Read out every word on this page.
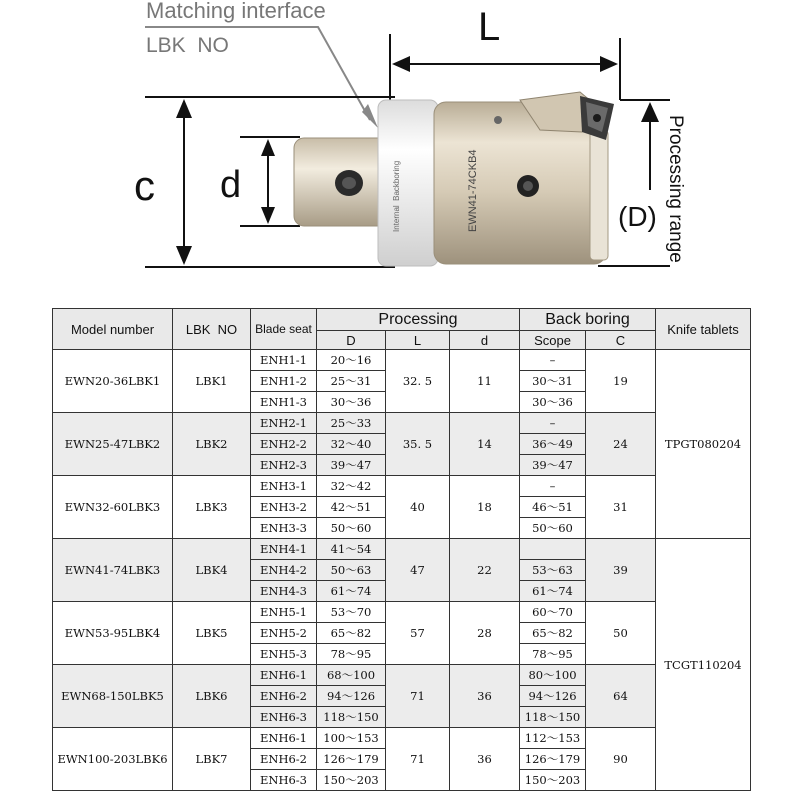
Matching interface
LBK  NO	L
c d	Internal  Backboring	EWN41-74CKB4	(D) Processing range
Model number	LBK  NO	Blade seat	Processing			Back boring		Knife tablets
			D	L	d	Scope	C	
EWN20-36LBK1	LBK1	ENH1-1	20～16	32. 5	11	–	19	TPGT080204
		ENH1-2	25～31			30～31		
		ENH1-3	30～36			30～36		
EWN25-47LBK2	LBK2	ENH2-1	25～33	35. 5	14	–	24	
		ENH2-2	32～40			36～49		
		ENH2-3	39～47			39～47		
EWN32-60LBK3	LBK3	ENH3-1	32～42	40	18	–	31	
		ENH3-2	42～51			46～51		
		ENH3-3	50～60			50～60		
EWN41-74LBK3	LBK4	ENH4-1	41～54	47	22		39	TCGT110204
		ENH4-2	50～63			53～63		
		ENH4-3	61～74			61～74		
EWN53-95LBK4	LBK5	ENH5-1	53～70	57	28	60～70	50	
		ENH5-2	65～82			65～82		
		ENH5-3	78～95			78～95		
EWN68-150LBK5	LBK6	ENH6-1	68～100	71	36	80～100	64	
		ENH6-2	94～126			94～126		
		ENH6-3	118～150			118～150		
EWN100-203LBK6	LBK7	ENH6-1	100～153	71	36	112～153	90	
		ENH6-2	126～179			126～179		
		ENH6-3	150～203			150～203		
